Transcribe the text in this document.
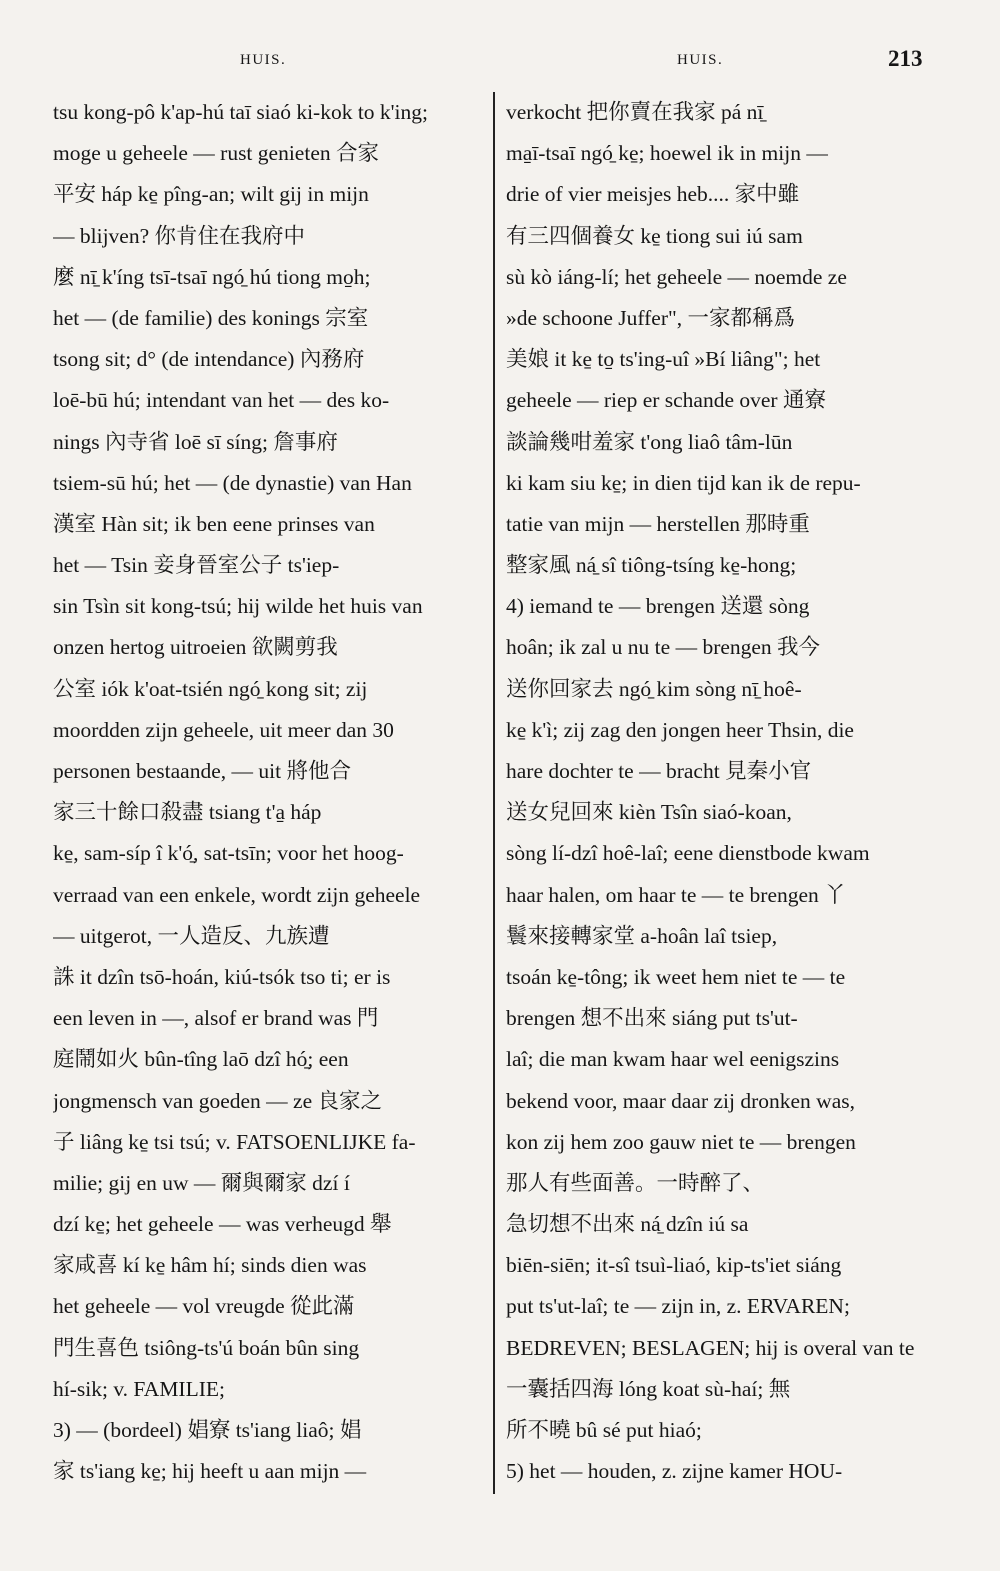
HUIS.	HUIS.	213
tsu kong-pô k'ap-hú taī siaó ki-kok to k'ing;
moge u geheele — rust genieten 合家
平安 háp ke̱ pîng-an; wilt gij in mijn
— blijven? 你肯住在我府中
麼 nī̱ k'íng tsī-tsaī ngó̱ hú tiong mo̱h;
het — (de familie) des konings 宗室
tsong sit; d° (de intendance) 內務府
loē-bū hú; intendant van het — des ko-
nings 內寺省 loē sī síng; 詹事府
tsiem-sū hú; het — (de dynastie) van Han
漢室 Hàn sit; ik ben eene prinses van
het — Tsin 妾身晉室公子 ts'iep-
sin Tsìn sit kong-tsú; hij wilde het huis van
onzen hertog uitroeien 欲闕剪我
公室 iók k'oat-tsién ngó̱ kong sit; zij
moordden zijn geheele, uit meer dan 30
personen bestaande, — uit 將他合
家三十餘口殺盡 tsiang t'a̱ háp
ke̱, sam-síp î k'ó̱, sat-tsīn; voor het hoog-
verraad van een enkele, wordt zijn geheele
— uitgerot, 一人造反、九族遭
誅 it dzîn tsō-hoán, kiú-tsók tso ti; er is
een leven in —, alsof er brand was 門
庭鬧如火 bûn-tîng laō dzî hó̱; een
jongmensch van goeden — ze 良家之
子 liâng ke̱ tsi tsú; v. FATSOENLIJKE fa-
milie; gij en uw — 爾與爾家 dzí í
dzí ke̱; het geheele — was verheugd 舉
家咸喜 kí ke̱ hâm hí; sinds dien was
het geheele — vol vreugde 從此滿
門生喜色 tsiông-ts'ú boán bûn sing
hí-sik; v. FAMILIE;
3) — (bordeel) 娼寮 ts'iang liaô; 娼
家 ts'iang ke̱; hij heeft u aan mijn —
verkocht 把你賣在我家 pá nī̱
ma̱ī-tsaī ngó̱ ke̱; hoewel ik in mijn —
drie of vier meisjes heb.... 家中雖
有三四個養女 ke̱ tiong sui iú sam
sù kò iáng-lí; het geheele — noemde ze
»de schoone Juffer", 一家都稱爲
美娘 it ke̱ to̱ ts'ing-uî »Bí liâng"; het
geheele — riep er schande over 通寮
談論幾咁羞家 t'ong liaô tâm-lūn
ki kam siu ke̱; in dien tijd kan ik de repu-
tatie van mijn — herstellen 那時重
整家風 ná̱ sî tiông-tsíng ke̱-hong;
4) iemand te — brengen 送還 sòng
hoân; ik zal u nu te — brengen 我今
送你回家去 ngó̱ kim sòng nī̱ hoê-
ke̱ k'ì; zij zag den jongen heer Thsin, die
hare dochter te — bracht 見秦小官
送女兒回來 kièn Tsîn siaó-koan,
sòng lí-dzî hoê-laî; eene dienstbode kwam
haar halen, om haar te — te brengen 丫
鬟來接轉家堂 a-hoân laî tsiep,
tsoán ke̱-tông; ik weet hem niet te — te
brengen 想不出來 siáng put ts'ut-
laî; die man kwam haar wel eenigszins
bekend voor, maar daar zij dronken was,
kon zij hem zoo gauw niet te — brengen
那人有些面善。一時醉了、
急切想不出來 ná̱ dzîn iú sa
biēn-siēn; it-sî tsuì-liaó, kip-ts'iet siáng
put ts'ut-laî; te — zijn in, z. ERVAREN;
BEDREVEN; BESLAGEN; hij is overal van te
一囊括四海 lóng koat sù-haí; 無
所不曉 bû sé put hiaó;
5) het — houden, z. zijne kamer HOU-
